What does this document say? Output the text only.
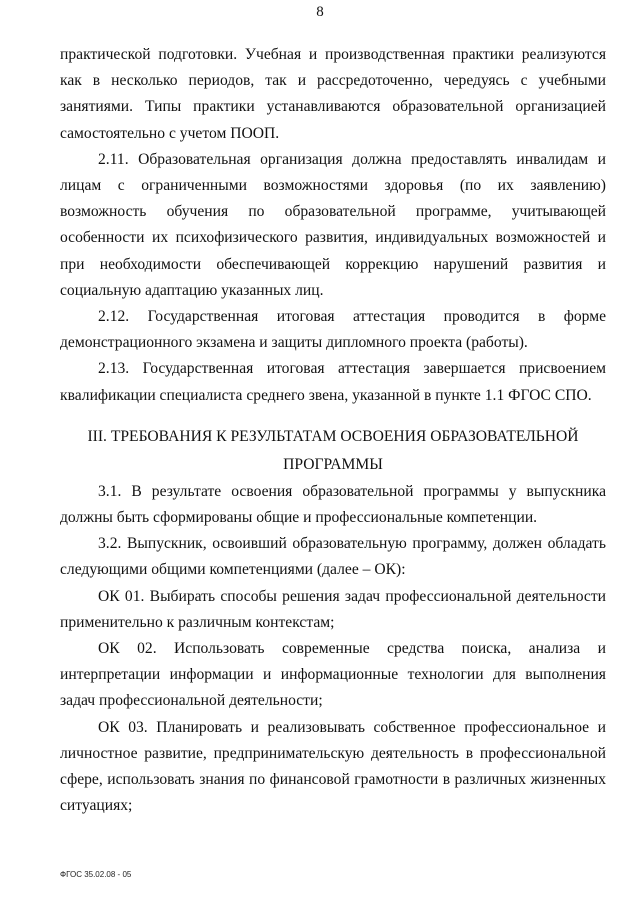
8

практической подготовки. Учебная и производственная практики реализуются как в несколько периодов, так и рассредоточенно, чередуясь с учебными занятиями. Типы практики устанавливаются образовательной организацией самостоятельно с учетом ПООП.

2.11. Образовательная организация должна предоставлять инвалидам и лицам с ограниченными возможностями здоровья (по их заявлению) возможность обучения по образовательной программе, учитывающей особенности их психофизического развития, индивидуальных возможностей и при необходимости обеспечивающей коррекцию нарушений развития и социальную адаптацию указанных лиц.

2.12. Государственная итоговая аттестация проводится в форме демонстрационного экзамена и защиты дипломного проекта (работы).

2.13. Государственная итоговая аттестация завершается присвоением квалификации специалиста среднего звена, указанной в пункте 1.1 ФГОС СПО.

III. ТРЕБОВАНИЯ К РЕЗУЛЬТАТАМ ОСВОЕНИЯ ОБРАЗОВАТЕЛЬНОЙ
ПРОГРАММЫ

3.1. В результате освоения образовательной программы у выпускника должны быть сформированы общие и профессиональные компетенции.

3.2. Выпускник, освоивший образовательную программу, должен обладать следующими общими компетенциями (далее – ОК):

ОК 01. Выбирать способы решения задач профессиональной деятельности применительно к различным контекстам;

ОК 02. Использовать современные средства поиска, анализа и интерпретации информации и информационные технологии для выполнения задач профессиональной деятельности;

ОК 03. Планировать и реализовывать собственное профессиональное и личностное развитие, предпринимательскую деятельность в профессиональной сфере, использовать знания по финансовой грамотности в различных жизненных ситуациях;

ФГОС 35.02.08 - 05
